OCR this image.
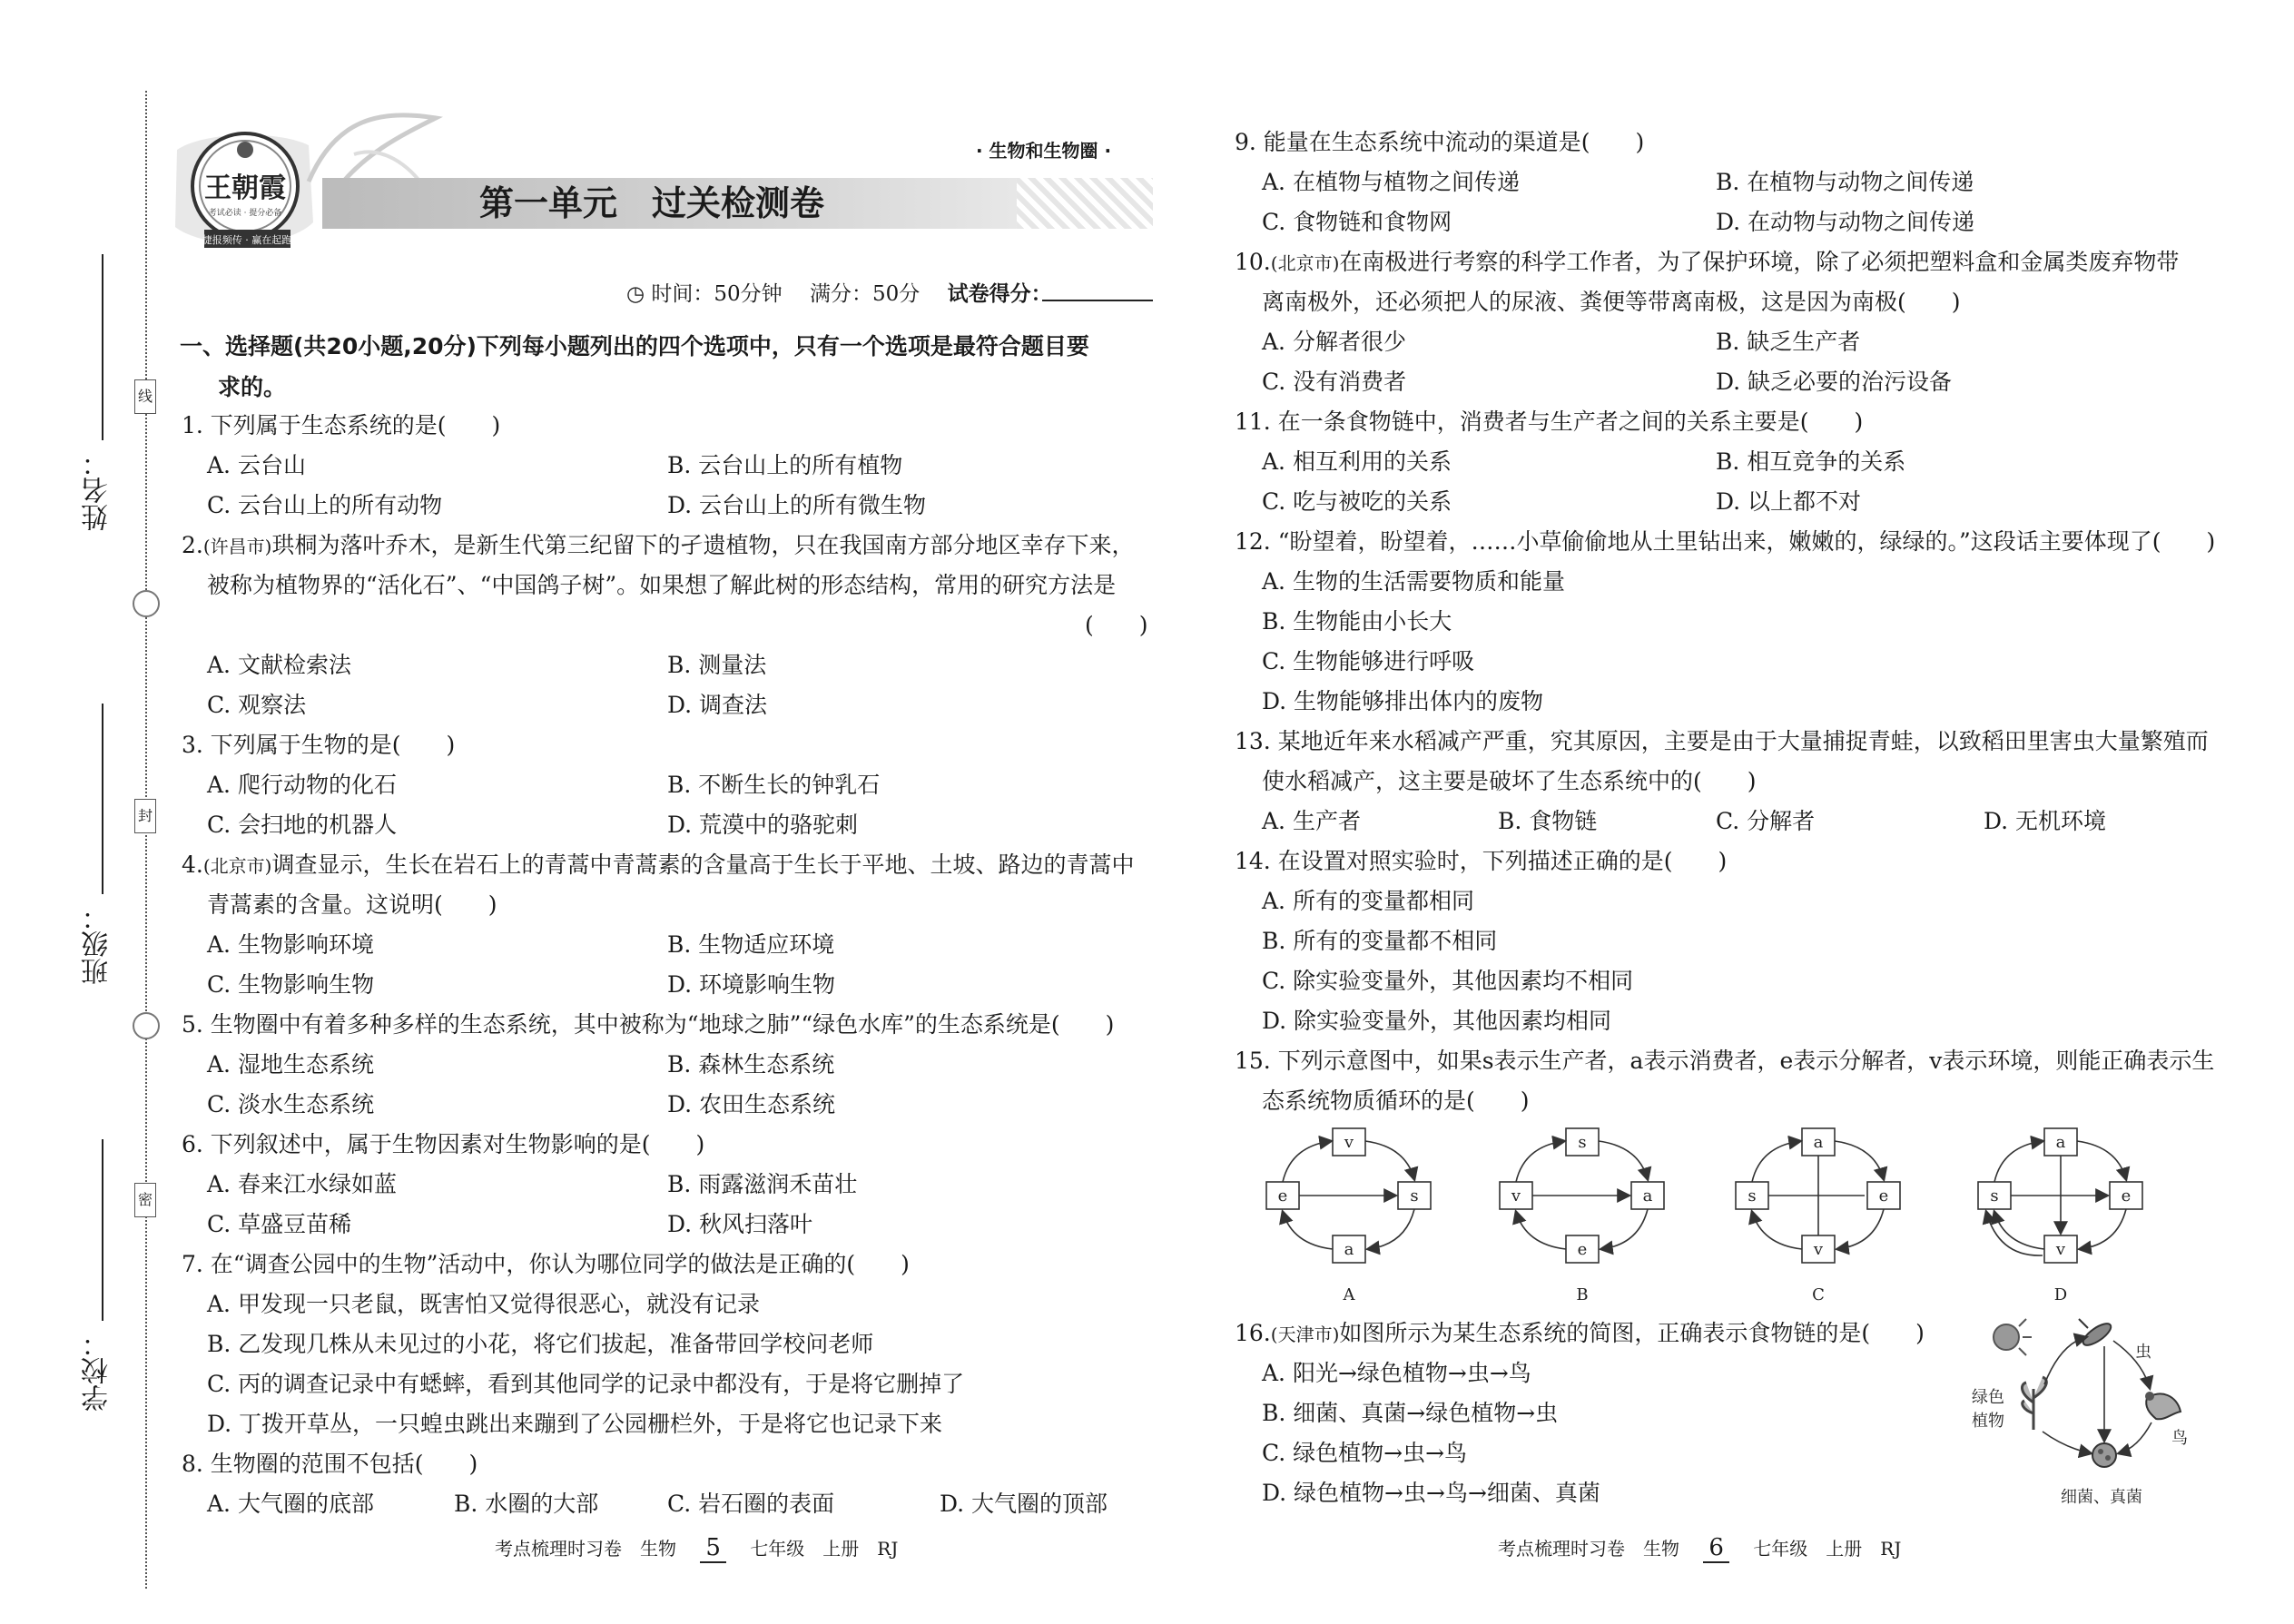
线
封
密
姓名：
班级：
学校：
王朝霞
考试必读 · 提分必备
捷报频传 · 赢在起跑
· 生物和生物圈 ·
第一单元　过关检测卷
◷ 时间：50分钟　 满分：50分　 试卷得分：
一、选择题(共20小题,20分)下列每小题列出的四个选项中，只有一个选项是最符合题目要
求的。
1. 下列属于生态系统的是(　　)
A. 云台山	B. 云台山上的所有植物
C. 云台山上的所有动物	D. 云台山上的所有微生物
2.(许昌市)珙桐为落叶乔木，是新生代第三纪留下的孑遗植物，只在我国南方部分地区幸存下来，
被称为植物界的“活化石”、“中国鸽子树”。如果想了解此树的形态结构，常用的研究方法是
(　　)
A. 文献检索法	B. 测量法
C. 观察法	D. 调查法
3. 下列属于生物的是(　　)
A. 爬行动物的化石	B. 不断生长的钟乳石
C. 会扫地的机器人	D. 荒漠中的骆驼刺
4.(北京市)调查显示，生长在岩石上的青蒿中青蒿素的含量高于生长于平地、土坡、路边的青蒿中
青蒿素的含量。这说明(　　)
A. 生物影响环境	B. 生物适应环境
C. 生物影响生物	D. 环境影响生物
5. 生物圈中有着多种多样的生态系统，其中被称为“地球之肺”“绿色水库”的生态系统是(　　)
A. 湿地生态系统	B. 森林生态系统
C. 淡水生态系统	D. 农田生态系统
6. 下列叙述中，属于生物因素对生物影响的是(　　)
A. 春来江水绿如蓝	B. 雨露滋润禾苗壮
C. 草盛豆苗稀	D. 秋风扫落叶
7. 在“调查公园中的生物”活动中，你认为哪位同学的做法是正确的(　　)
A. 甲发现一只老鼠，既害怕又觉得很恶心，就没有记录
B. 乙发现几株从未见过的小花，将它们拔起，准备带回学校问老师
C. 丙的调查记录中有蟋蟀，看到其他同学的记录中都没有，于是将它删掉了
D. 丁拨开草丛，一只蝗虫跳出来蹦到了公园栅栏外，于是将它也记录下来
8. 生物圈的范围不包括(　　)
A. 大气圈的底部	B. 水圈的大部	C. 岩石圈的表面	D. 大气圈的顶部
考点梳理时习卷　生物 5 七年级　上册　RJ
9. 能量在生态系统中流动的渠道是(　　)
A. 在植物与植物之间传递	B. 在植物与动物之间传递
C. 食物链和食物网	D. 在动物与动物之间传递
10.(北京市)在南极进行考察的科学工作者，为了保护环境，除了必须把塑料盒和金属类废弃物带
离南极外，还必须把人的尿液、粪便等带离南极，这是因为南极(　　)
A. 分解者很少	B. 缺乏生产者
C. 没有消费者	D. 缺乏必要的治污设备
11. 在一条食物链中，消费者与生产者之间的关系主要是(　　)
A. 相互利用的关系	B. 相互竞争的关系
C. 吃与被吃的关系	D. 以上都不对
12. “盼望着，盼望着，……小草偷偷地从土里钻出来，嫩嫩的，绿绿的。”这段话主要体现了(　　)
A. 生物的生活需要物质和能量
B. 生物能由小长大
C. 生物能够进行呼吸
D. 生物能够排出体内的废物
13. 某地近年来水稻减产严重，究其原因，主要是由于大量捕捉青蛙，以致稻田里害虫大量繁殖而
使水稻减产，这主要是破坏了生态系统中的(　　)
A. 生产者	B. 食物链	C. 分解者	D. 无机环境
14. 在设置对照实验时，下列描述正确的是(　　)
A. 所有的变量都相同
B. 所有的变量都不相同
C. 除实验变量外，其他因素均不相同
D. 除实验变量外，其他因素均相同
15. 下列示意图中，如果s表示生产者，a表示消费者，e表示分解者，v表示环境，则能正确表示生
态系统物质循环的是(　　)
v
e	s
a
A
s
v	a
e
B
a
s	e
v
C
a
s	e
v
D
16.(天津市)如图所示为某生态系统的简图，正确表示食物链的是(　　)
A. 阳光→绿色植物→虫→鸟
B. 细菌、真菌→绿色植物→虫
C. 绿色植物→虫→鸟
D. 绿色植物→虫→鸟→细菌、真菌
绿色
植物
虫
鸟
细菌、真菌
考点梳理时习卷　生物 6 七年级　上册　RJ
